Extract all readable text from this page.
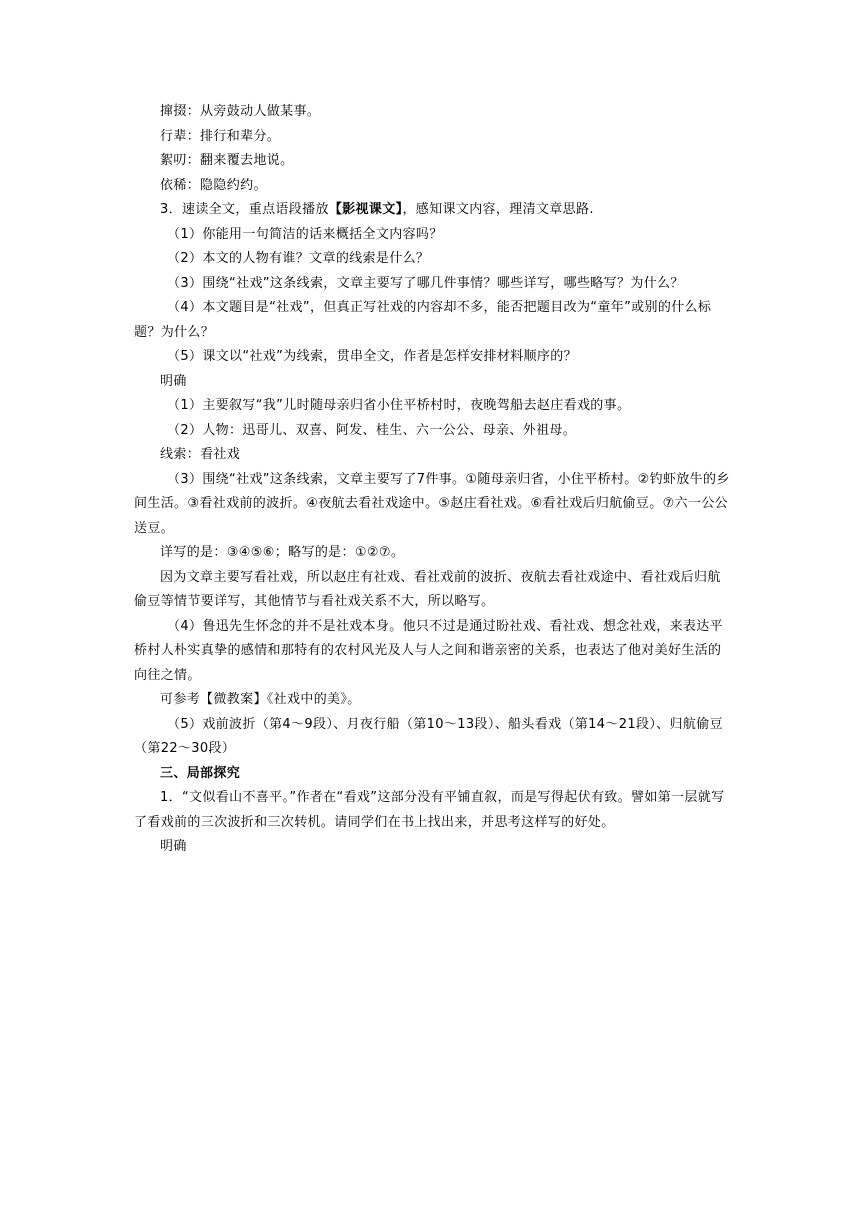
撺掇：从旁鼓动人做某事。

行辈：排行和辈分。

絮叨：翻来覆去地说。

依稀：隐隐约约。

3．速读全文，重点语段播放【影视课文】，感知课文内容，理清文章思路.

（1）你能用一句简洁的话来概括全文内容吗？

（2）本文的人物有谁？文章的线索是什么？

（3）围绕“社戏”这条线索，文章主要写了哪几件事情？哪些详写，哪些略写？为什么？

（4）本文题目是“社戏”，但真正写社戏的内容却不多，能否把题目改为“童年”或别的什么标题？为什么？

（5）课文以“社戏”为线索，贯串全文，作者是怎样安排材料顺序的？

明确

（1）主要叙写“我”儿时随母亲归省小住平桥村时，夜晚驾船去赵庄看戏的事。

（2）人物：迅哥儿、双喜、阿发、桂生、六一公公、母亲、外祖母。

线索：看社戏

（3）围绕“社戏”这条线索，文章主要写了7件事。①随母亲归省，小住平桥村。②钓虾放牛的乡间生活。③看社戏前的波折。④夜航去看社戏途中。⑤赵庄看社戏。⑥看社戏后归航偷豆。⑦六一公公送豆。

详写的是：③④⑤⑥；略写的是：①②⑦。

因为文章主要写看社戏，所以赵庄有社戏、看社戏前的波折、夜航去看社戏途中、看社戏后归航偷豆等情节要详写，其他情节与看社戏关系不大，所以略写。

（4）鲁迅先生怀念的并不是社戏本身。他只不过是通过盼社戏、看社戏、想念社戏，来表达平桥村人朴实真挚的感情和那特有的农村风光及人与人之间和谐亲密的关系，也表达了他对美好生活的向往之情。

可参考【微教案】《社戏中的美》。

（5）戏前波折（第4～9段）、月夜行船（第10～13段）、船头看戏（第14～21段）、归航偷豆（第22～30段）

三、局部探究

1．“文似看山不喜平。”作者在“看戏”这部分没有平铺直叙，而是写得起伏有致。譬如第一层就写了看戏前的三次波折和三次转机。请同学们在书上找出来，并思考这样写的好处。

明确
